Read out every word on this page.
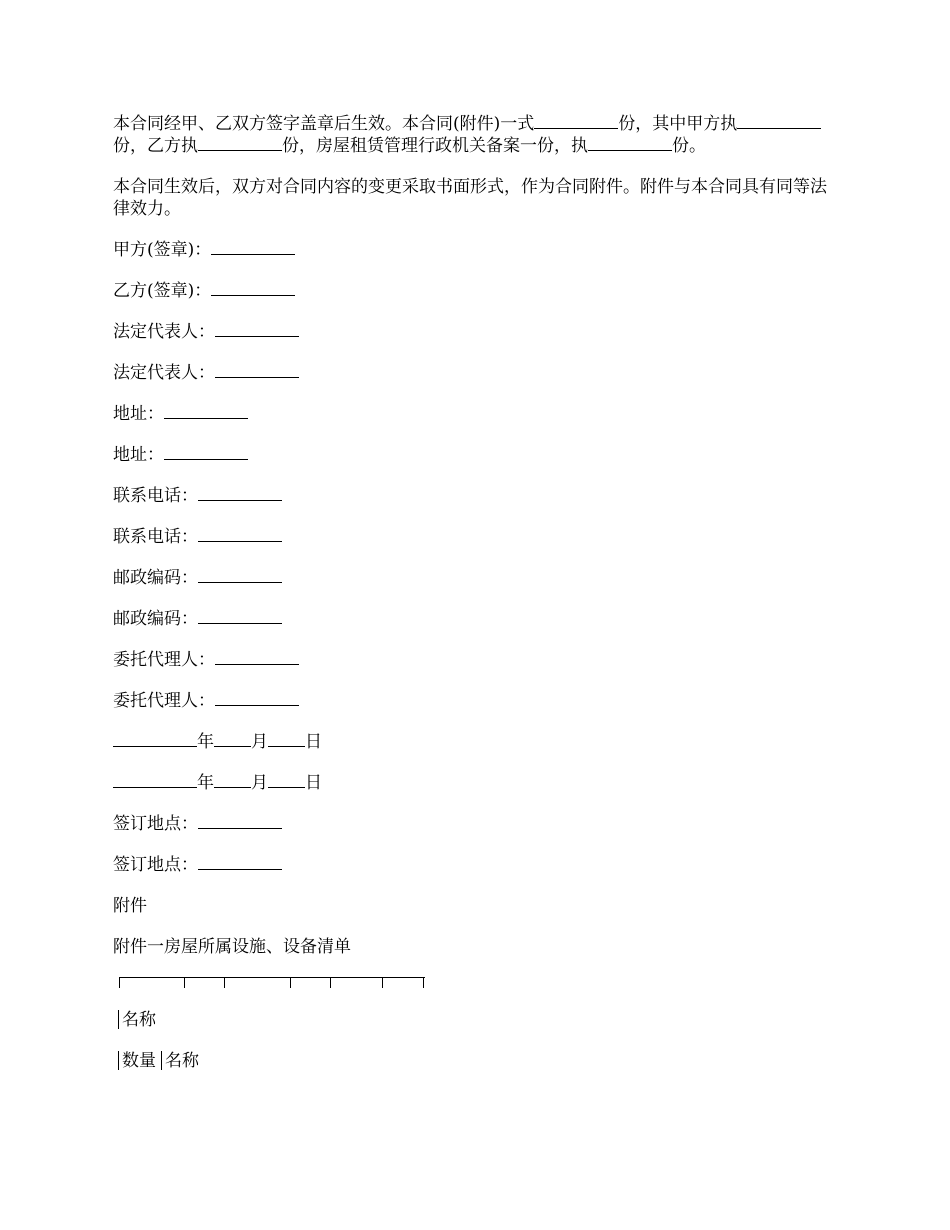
本合同经甲、乙双方签字盖章后生效。本合同(附件)一式	份，其中甲方执份，乙方执	份，房屋租赁管理行政机关备案一份，执	份。

本合同生效后，双方对合同内容的变更采取书面形式，作为合同附件。附件与本合同具有同等法律效力。

甲方(签章)：
乙方(签章)：
法定代表人：
法定代表人：
地址：
地址：
联系电话：
联系电话：
邮政编码：
邮政编码：
委托代理人：
委托代理人：
年 月 日
年 月 日
签订地点：
签订地点：
附件
附件一房屋所属设施、设备清单
名称
数量 名称
